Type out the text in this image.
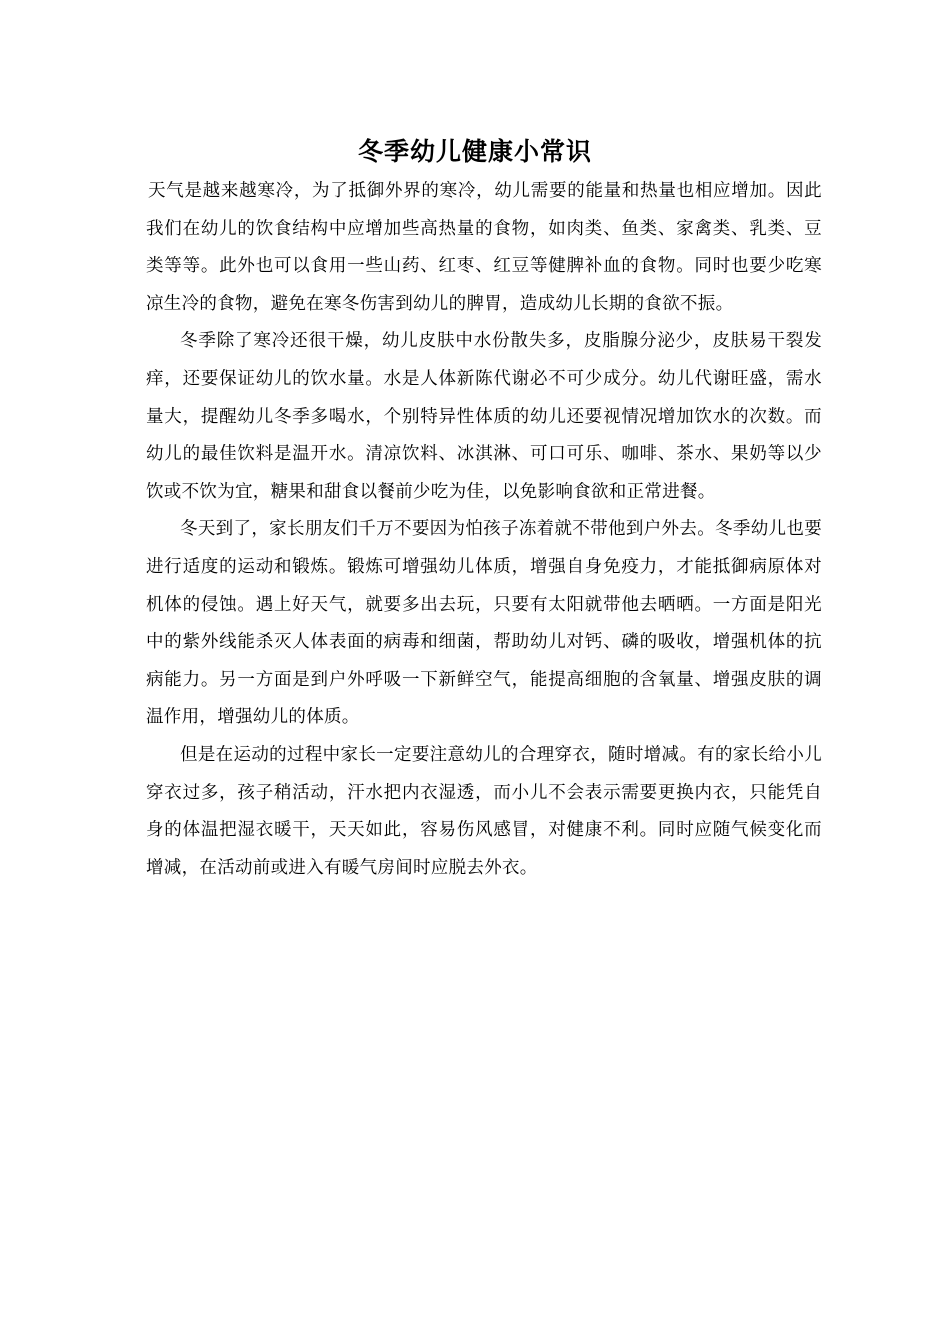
冬季幼儿健康小常识

天气是越来越寒冷，为了抵御外界的寒冷，幼儿需要的能量和热量也相应增加。因此我们在幼儿的饮食结构中应增加些高热量的食物，如肉类、鱼类、家禽类、乳类、豆类等等。此外也可以食用一些山药、红枣、红豆等健脾补血的食物。同时也要少吃寒凉生冷的食物，避免在寒冬伤害到幼儿的脾胃，造成幼儿长期的食欲不振。

冬季除了寒冷还很干燥，幼儿皮肤中水份散失多，皮脂腺分泌少，皮肤易干裂发痒，还要保证幼儿的饮水量。水是人体新陈代谢必不可少成分。幼儿代谢旺盛，需水量大，提醒幼儿冬季多喝水，个别特异性体质的幼儿还要视情况增加饮水的次数。而幼儿的最佳饮料是温开水。清凉饮料、冰淇淋、可口可乐、咖啡、茶水、果奶等以少饮或不饮为宜，糖果和甜食以餐前少吃为佳，以免影响食欲和正常进餐。

冬天到了，家长朋友们千万不要因为怕孩子冻着就不带他到户外去。冬季幼儿也要进行适度的运动和锻炼。锻炼可增强幼儿体质，增强自身免疫力，才能抵御病原体对机体的侵蚀。遇上好天气，就要多出去玩，只要有太阳就带他去晒晒。一方面是阳光中的紫外线能杀灭人体表面的病毒和细菌，帮助幼儿对钙、磷的吸收，增强机体的抗病能力。另一方面是到户外呼吸一下新鲜空气，能提高细胞的含氧量、增强皮肤的调温作用，增强幼儿的体质。

但是在运动的过程中家长一定要注意幼儿的合理穿衣，随时增减。有的家长给小儿穿衣过多，孩子稍活动，汗水把内衣湿透，而小儿不会表示需要更换内衣，只能凭自身的体温把湿衣暖干，天天如此，容易伤风感冒，对健康不利。同时应随气候变化而增减，在活动前或进入有暖气房间时应脱去外衣。
